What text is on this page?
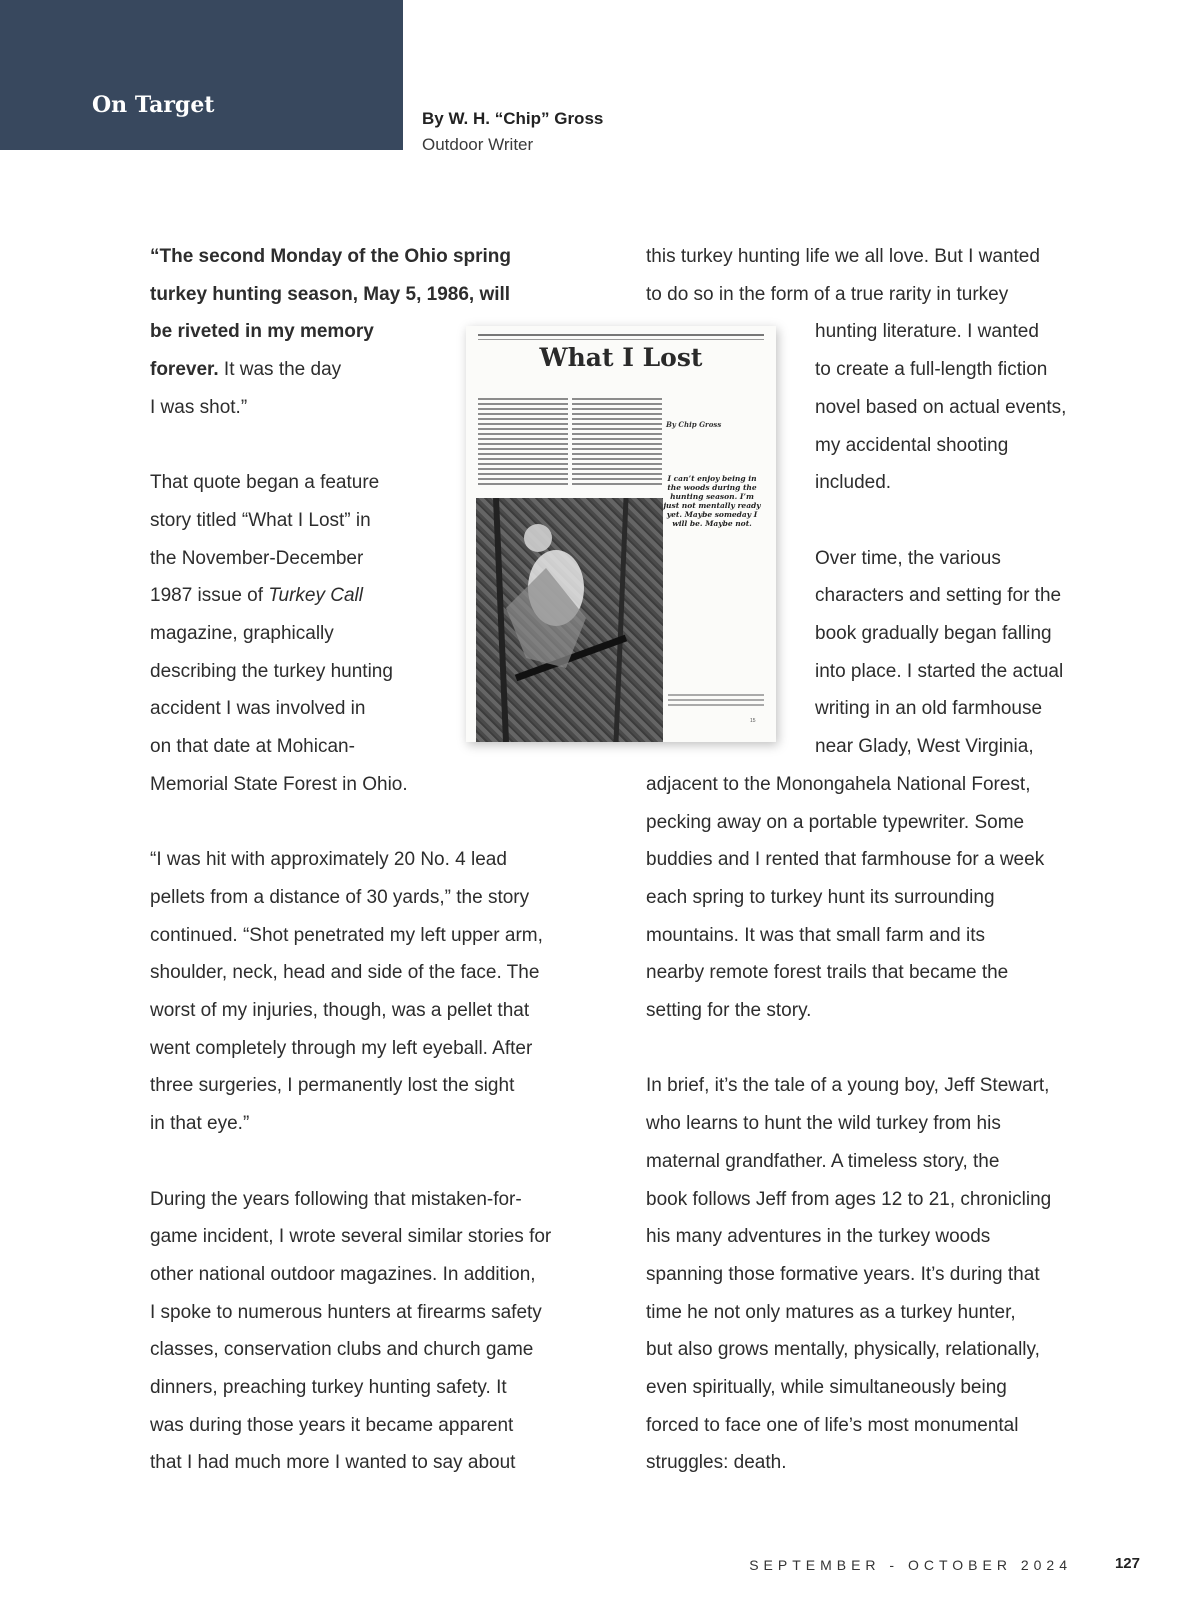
On Target
By W. H. “Chip” Gross
Outdoor Writer

“The second Monday of the Ohio spring

turkey hunting season, May 5, 1986, will

be riveted in my memory

forever. It was the day

I was shot.”

That quote began a feature

story titled “What I Lost” in

the November-December

1987 issue of Turkey Call

magazine, graphically

describing the turkey hunting

accident I was involved in

on that date at Mohican-

Memorial State Forest in Ohio.

“I was hit with approximately 20 No. 4 lead

pellets from a distance of 30 yards,” the story

continued. “Shot penetrated my left upper arm,

shoulder, neck, head and side of the face. The

worst of my injuries, though, was a pellet that

went completely through my left eyeball. After

three surgeries, I permanently lost the sight

in that eye.”

During the years following that mistaken-for-

game incident, I wrote several similar stories for

other national outdoor magazines. In addition,

I spoke to numerous hunters at firearms safety

classes, conservation clubs and church game

dinners, preaching turkey hunting safety. It

was during those years it became apparent

that I had much more I wanted to say about

this turkey hunting life we all love. But I wanted

to do so in the form of a true rarity in turkey

hunting literature. I wanted

to create a full-length fiction

novel based on actual events,

my accidental shooting

included.

Over time, the various

characters and setting for the

book gradually began falling

into place. I started the actual

writing in an old farmhouse

near Glady, West Virginia,

adjacent to the Monongahela National Forest,

pecking away on a portable typewriter. Some

buddies and I rented that farmhouse for a week

each spring to turkey hunt its surrounding

mountains. It was that small farm and its

nearby remote forest trails that became the

setting for the story.

In brief, it’s the tale of a young boy, Jeff Stewart,

who learns to hunt the wild turkey from his

maternal grandfather. A timeless story, the

book follows Jeff from ages 12 to 21, chronicling

his many adventures in the turkey woods

spanning those formative years. It’s during that

time he not only matures as a turkey hunter,

but also grows mentally, physically, relationally,

even spiritually, while simultaneously being

forced to face one of life’s most monumental

struggles: death.

What I Lost
By Chip Gross
I can’t enjoy being in the woods during the hunting season. I’m just not mentally ready yet. Maybe someday I will be. Maybe not.
15
SEPTEMBER - OCTOBER 2024	127
